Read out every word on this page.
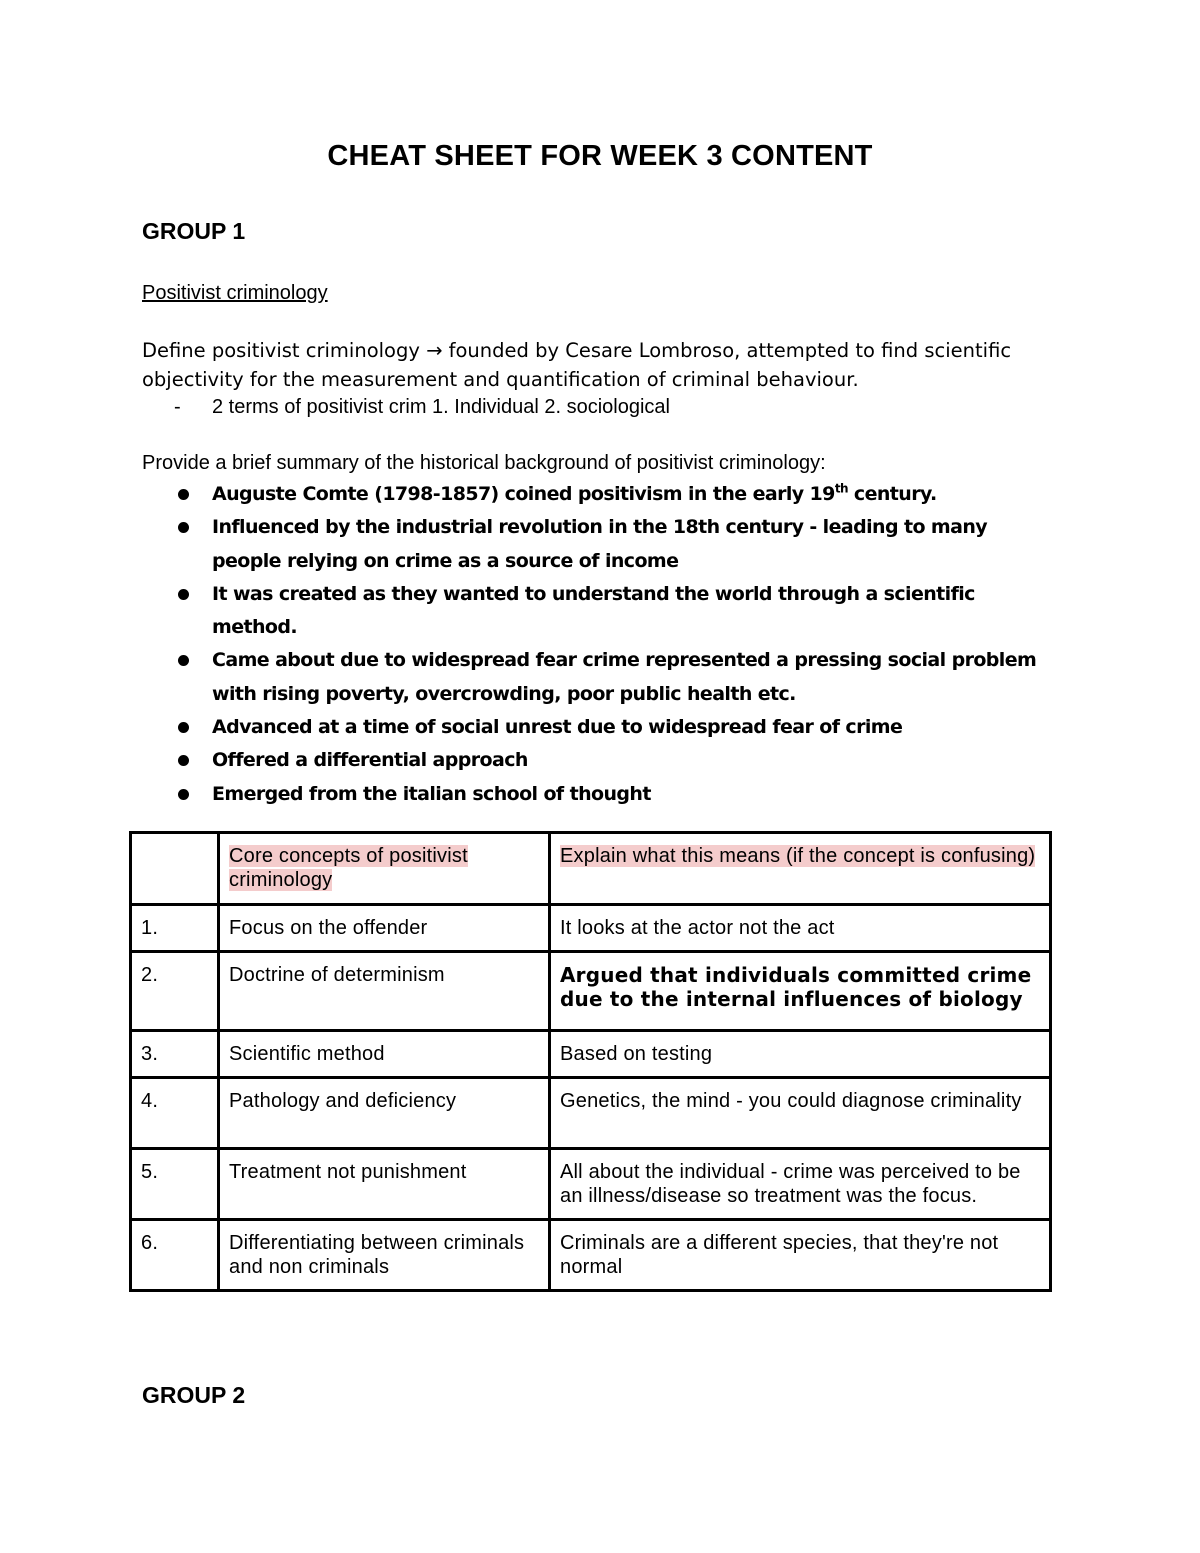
CHEAT SHEET FOR WEEK 3 CONTENT
GROUP 1
Positivist criminology
Define positivist criminology → founded by Cesare Lombroso, attempted to find scientific objectivity for the measurement and quantification of criminal behaviour.
- 2 terms of positivist crim 1. Individual 2. sociological
Provide a brief summary of the historical background of positivist criminology:
Auguste Comte (1798-1857) coined positivism in the early 19th century.
Influenced by the industrial revolution in the 18th century - leading to many people relying on crime as a source of income
It was created as they wanted to understand the world through a scientific method.
Came about due to widespread fear crime represented a pressing social problem with rising poverty, overcrowding, poor public health etc.
Advanced at a time of social unrest due to widespread fear of crime
Offered a differential approach
Emerged from the italian school of thought
	Core concepts of positivist criminology	Explain what this means (if the concept is confusing)
1.	Focus on the offender	It looks at the actor not the act
2.	Doctrine of determinism	Argued that individuals committed crime due to the internal influences of biology
3.	Scientific method	Based on testing
4.	Pathology and deficiency	Genetics, the mind - you could diagnose criminality
5.	Treatment not punishment	All about the individual - crime was perceived to be an illness/disease so treatment was the focus.
6.	Differentiating between criminals and non criminals	Criminals are a different species, that they're not normal
GROUP 2
